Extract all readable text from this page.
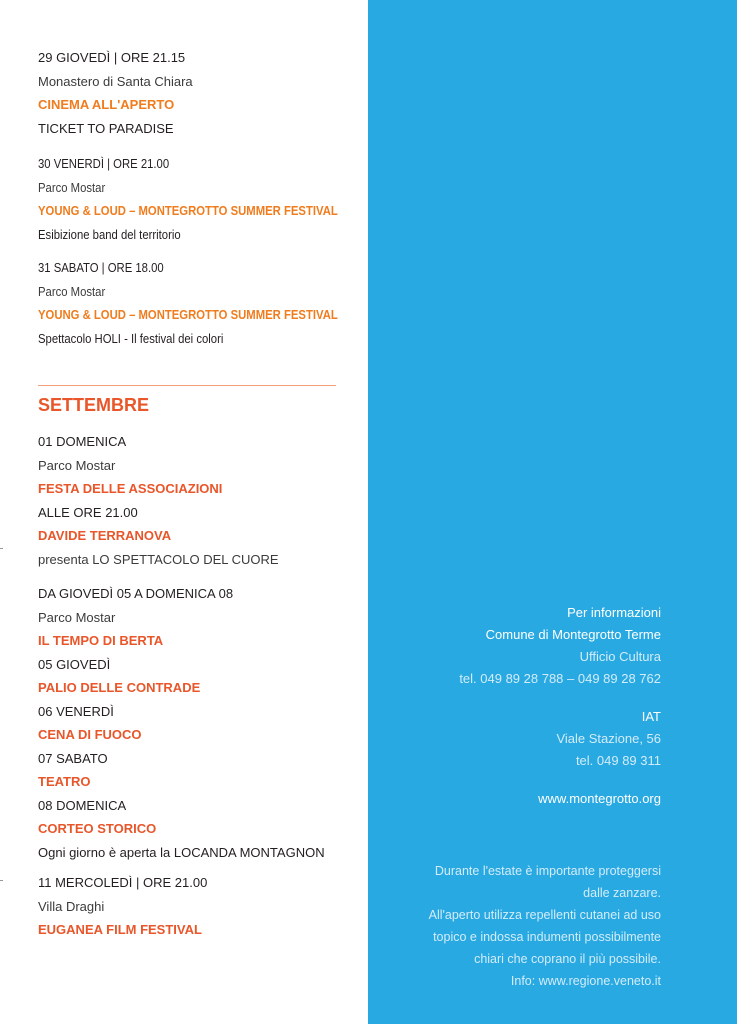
29 GIOVEDÌ | ORE 21.15
Monastero di Santa Chiara
CINEMA ALL'APERTO
TICKET TO PARADISE
30 VENERDÌ | ORE 21.00
Parco Mostar
YOUNG & LOUD – MONTEGROTTO SUMMER FESTIVAL
Esibizione band del territorio
31 SABATO | ORE 18.00
Parco Mostar
YOUNG & LOUD – MONTEGROTTO SUMMER FESTIVAL
Spettacolo HOLI - Il festival dei colori
SETTEMBRE
01 DOMENICA
Parco Mostar
FESTA DELLE ASSOCIAZIONI
ALLE ORE 21.00
DAVIDE TERRANOVA
presenta LO SPETTACOLO DEL CUORE
DA GIOVEDÌ 05 A DOMENICA 08
Parco Mostar
IL TEMPO DI BERTA
05 GIOVEDÌ
PALIO DELLE CONTRADE
06 VENERDÌ
CENA DI FUOCO
07 SABATO
TEATRO
08 DOMENICA
CORTEO STORICO
Ogni giorno è aperta la LOCANDA MONTAGNON
11 MERCOLEDÌ | ORE 21.00
Villa Draghi
EUGANEA FILM FESTIVAL
Per informazioni
Comune di Montegrotto Terme
Ufficio Cultura
tel. 049 89 28 788 – 049 89 28 762
IAT
Viale Stazione, 56
tel. 049 89 311
www.montegrotto.org
Durante l'estate è importante proteggersi
dalle zanzare.
All'aperto utilizza repellenti cutanei ad uso
topico e indossa indumenti possibilmente
chiari che coprano il più possibile.
Info: www.regione.veneto.it
